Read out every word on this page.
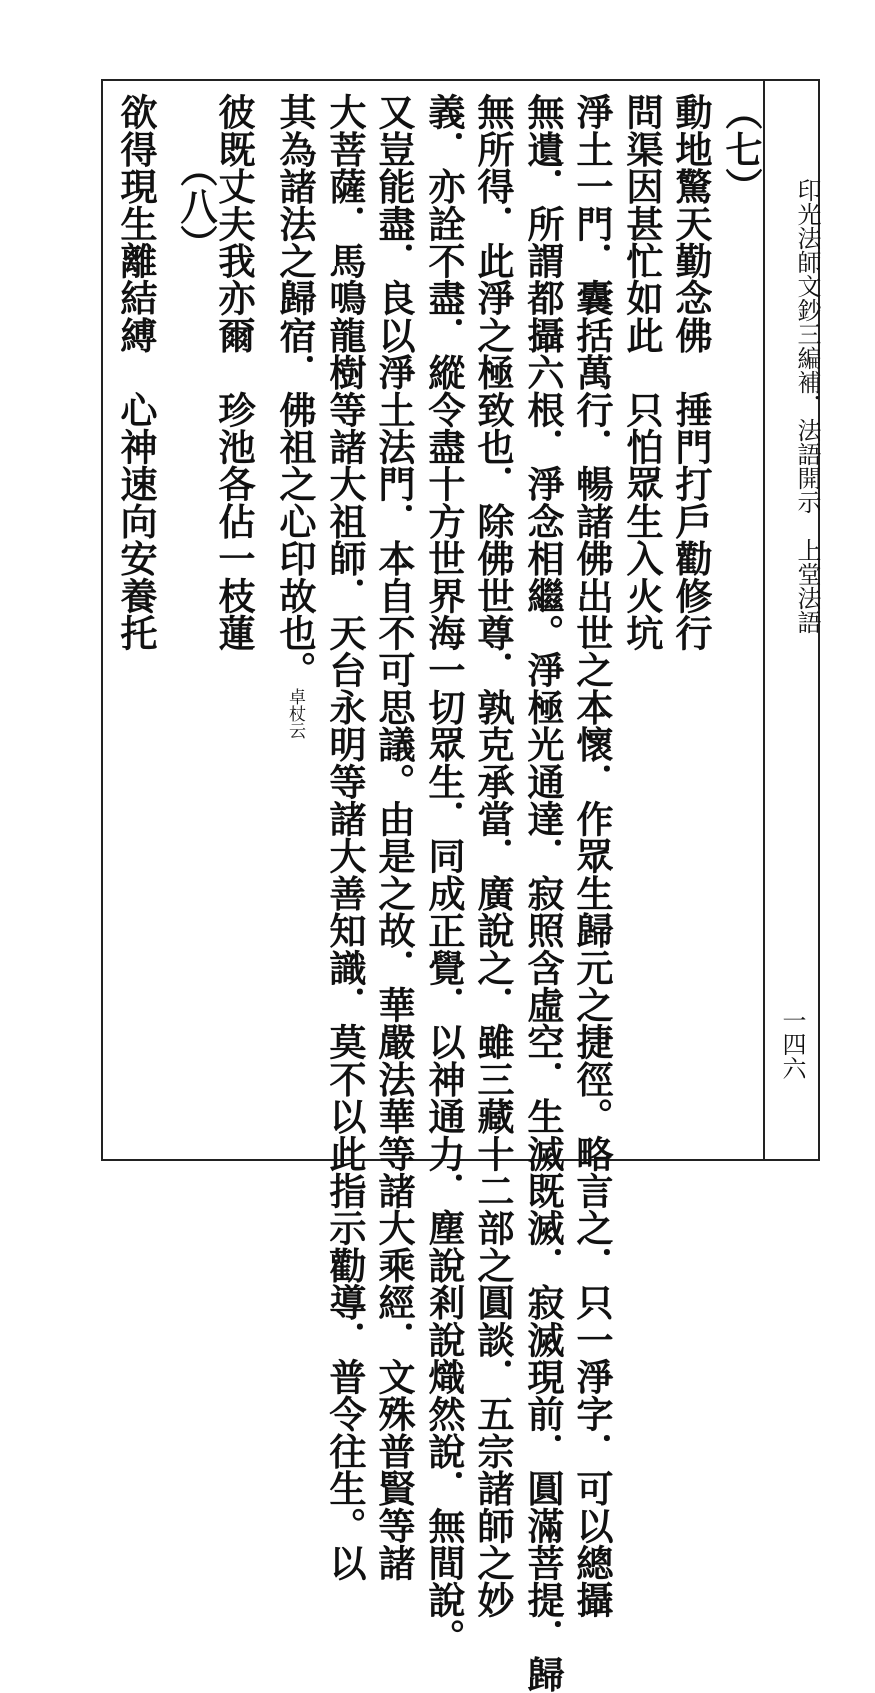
印光法師文鈔三編補．法語開示　上堂法語
一四六
（七）
動地驚天勤念佛　捶門打戶勸修行
問渠因甚忙如此　只怕眾生入火坑
淨土一門．囊括萬行．暢諸佛出世之本懷．作眾生歸元之捷徑。略言之．只一淨字．可以總攝
無遺．所謂都攝六根．淨念相繼。淨極光通達．寂照含虛空．生滅既滅．寂滅現前．圓滿菩提．歸
無所得．此淨之極致也．除佛世尊．孰克承當．廣說之．雖三藏十二部之圓談．五宗諸師之妙
義．亦詮不盡．縱令盡十方世界海一切眾生．同成正覺．以神通力．塵說剎說熾然說．無間說。
又豈能盡．良以淨土法門．本自不可思議。由是之故．華嚴法華等諸大乘經．文殊普賢等諸
大菩薩．馬鳴龍樹等諸大祖師．天台永明等諸大善知識．莫不以此指示勸導．普令往生。以
其為諸法之歸宿．佛祖之心印故也。卓杖云
（八）
彼既丈夫我亦爾　珍池各佔一枝蓮
欲得現生離結縛　心神速向安養托
